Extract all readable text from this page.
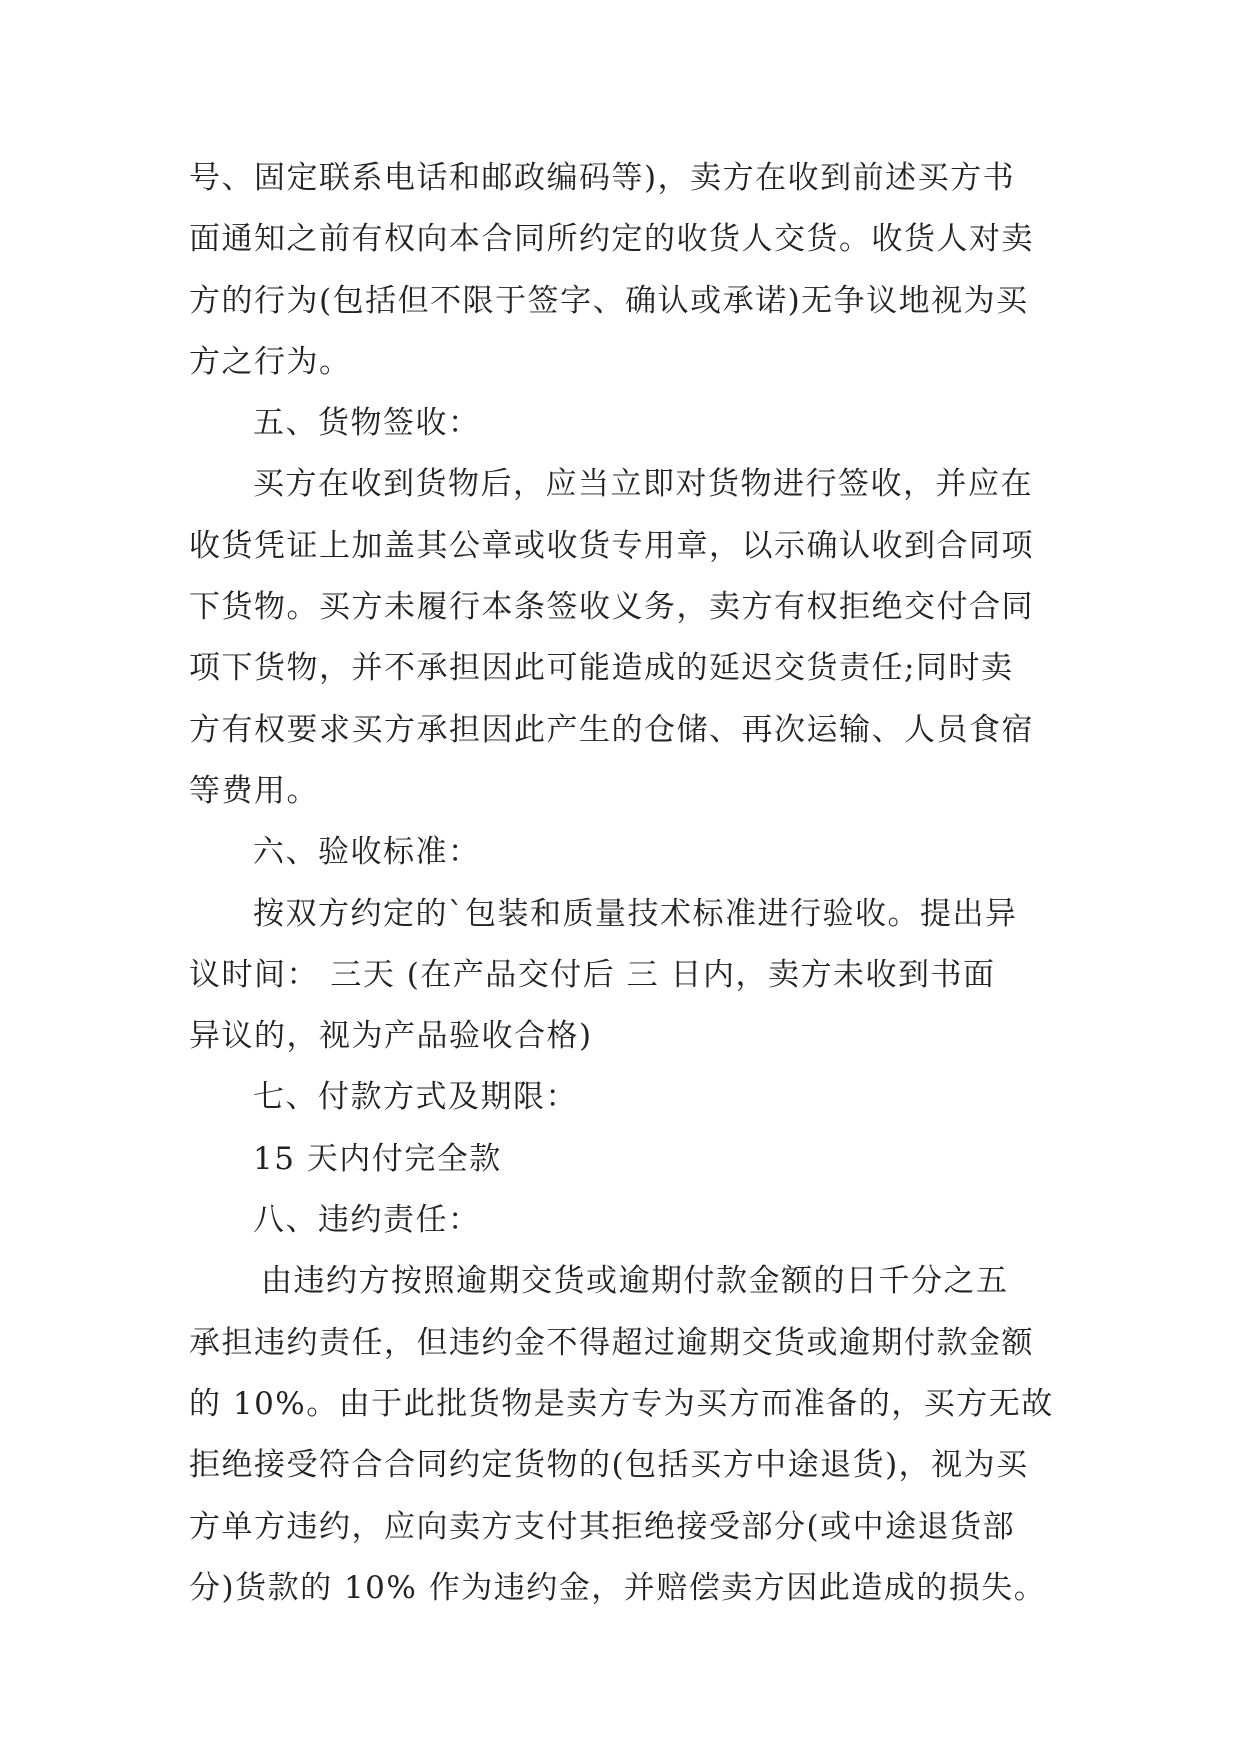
号、固定联系电话和邮政编码等)，卖方在收到前述买方书

面通知之前有权向本合同所约定的收货人交货。收货人对卖

方的行为(包括但不限于签字、确认或承诺)无争议地视为买

方之行为。

五、货物签收：

买方在收到货物后，应当立即对货物进行签收，并应在

收货凭证上加盖其公章或收货专用章，以示确认收到合同项

下货物。买方未履行本条签收义务，卖方有权拒绝交付合同

项下货物，并不承担因此可能造成的延迟交货责任;同时卖

方有权要求买方承担因此产生的仓储、再次运输、人员食宿

等费用。

六、验收标准：

按双方约定的`包装和质量技术标准进行验收。提出异

议时间： 三天 (在产品交付后 三 日内，卖方未收到书面

异议的，视为产品验收合格)

七、付款方式及期限：

15 天内付完全款

八、违约责任：

由违约方按照逾期交货或逾期付款金额的日千分之五

承担违约责任，但违约金不得超过逾期交货或逾期付款金额

的 10%。由于此批货物是卖方专为买方而准备的，买方无故

拒绝接受符合合同约定货物的(包括买方中途退货)，视为买

方单方违约，应向卖方支付其拒绝接受部分(或中途退货部

分)货款的 10% 作为违约金，并赔偿卖方因此造成的损失。
